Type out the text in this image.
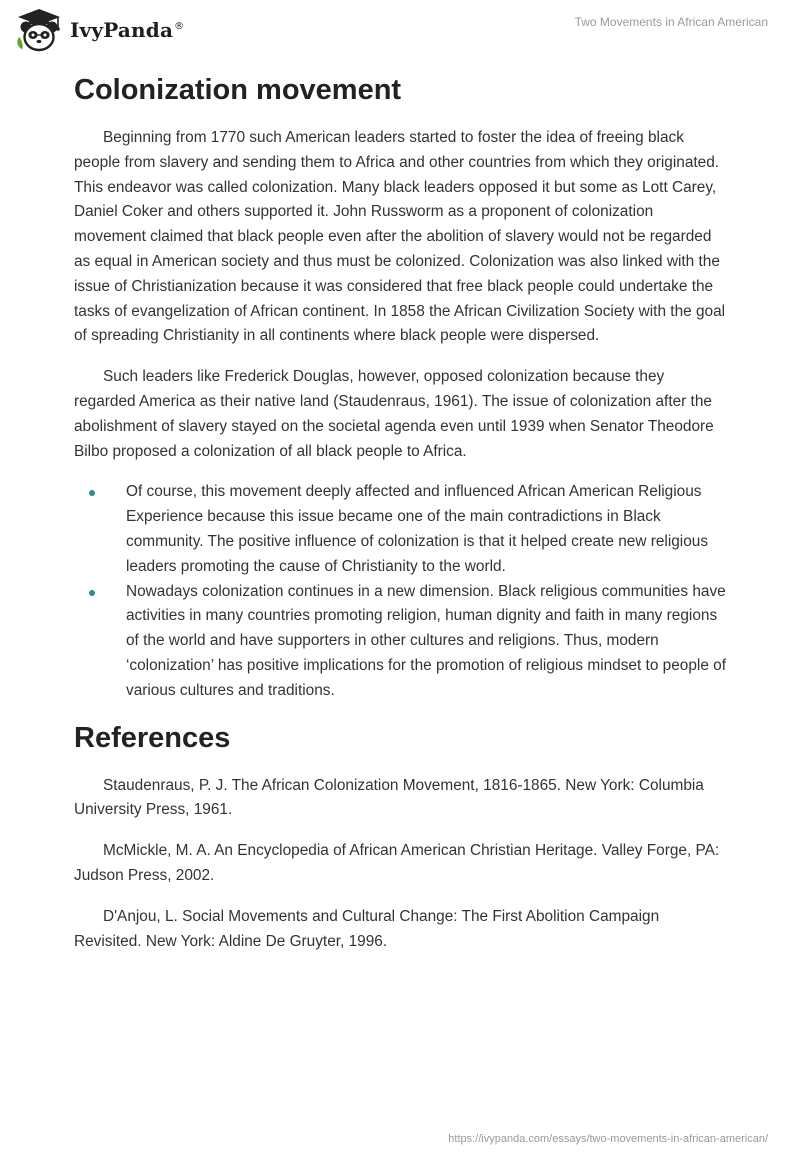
IvyPanda®	Two Movements in African American
Colonization movement

Beginning from 1770 such American leaders started to foster the idea of freeing black people from slavery and sending them to Africa and other countries from which they originated. This endeavor was called colonization. Many black leaders opposed it but some as Lott Carey, Daniel Coker and others supported it. John Russworm as a proponent of colonization movement claimed that black people even after the abolition of slavery would not be regarded as equal in American society and thus must be colonized. Colonization was also linked with the issue of Christianization because it was considered that free black people could undertake the tasks of evangelization of African continent. In 1858 the African Civilization Society with the goal of spreading Christianity in all continents where black people were dispersed.

Such leaders like Frederick Douglas, however, opposed colonization because they regarded America as their native land (Staudenraus, 1961). The issue of colonization after the abolishment of slavery stayed on the societal agenda even until 1939 when Senator Theodore Bilbo proposed a colonization of all black people to Africa.

Of course, this movement deeply affected and influenced African American Religious Experience because this issue became one of the main contradictions in Black community. The positive influence of colonization is that it helped create new religious leaders promoting the cause of Christianity to the world.
Nowadays colonization continues in a new dimension. Black religious communities have activities in many countries promoting religion, human dignity and faith in many regions of the world and have supporters in other cultures and religions. Thus, modern ‘colonization’ has positive implications for the promotion of religious mindset to people of various cultures and traditions.
References

Staudenraus, P. J. The African Colonization Movement, 1816-1865. New York: Columbia University Press, 1961.

McMickle, M. A. An Encyclopedia of African American Christian Heritage. Valley Forge, PA: Judson Press, 2002.

D'Anjou, L. Social Movements and Cultural Change: The First Abolition Campaign Revisited. New York: Aldine De Gruyter, 1996.

https://ivypanda.com/essays/two-movements-in-african-american/
